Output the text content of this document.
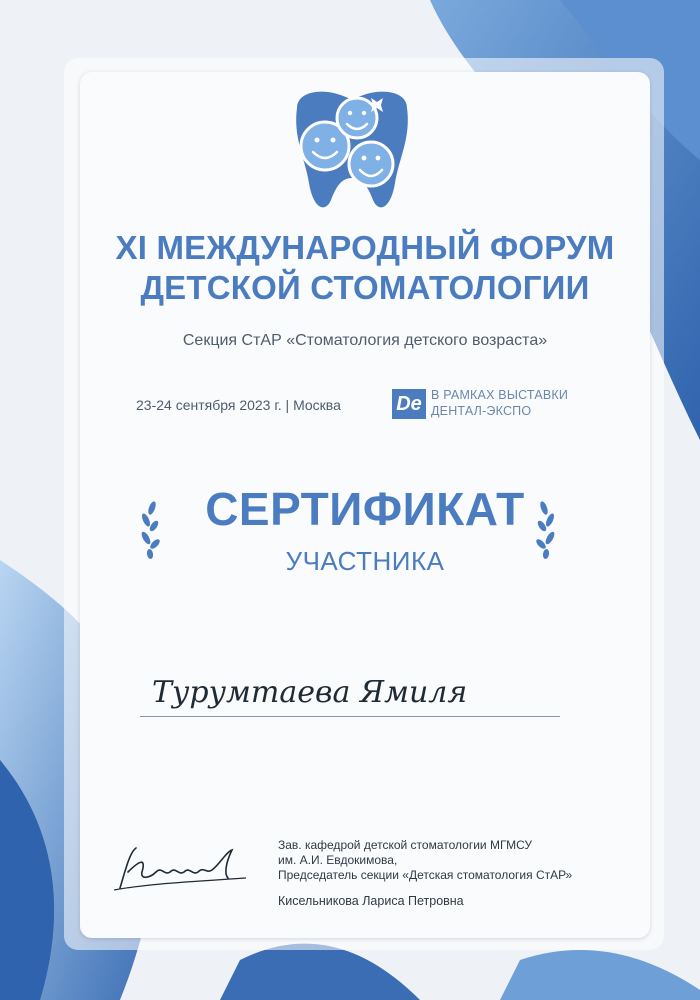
XI МЕЖДУНАРОДНЫЙ ФОРУМ
ДЕТСКОЙ СТОМАТОЛОГИИ
Секция СтАР «Стоматология детского возраста»
23-24 сентября 2023 г. | Москва	De В РАМКАХ ВЫСТАВКИ
ДЕНТАЛ-ЭКСПО
СЕРТИФИКАТ
УЧАСТНИКА
Турумтаева Ямиля
Зав. кафедрой детской стоматологии МГМСУ
им. А.И. Евдокимова,
Председатель секции «Детская стоматология СтАР»
Кисельникова Лариса Петровна
